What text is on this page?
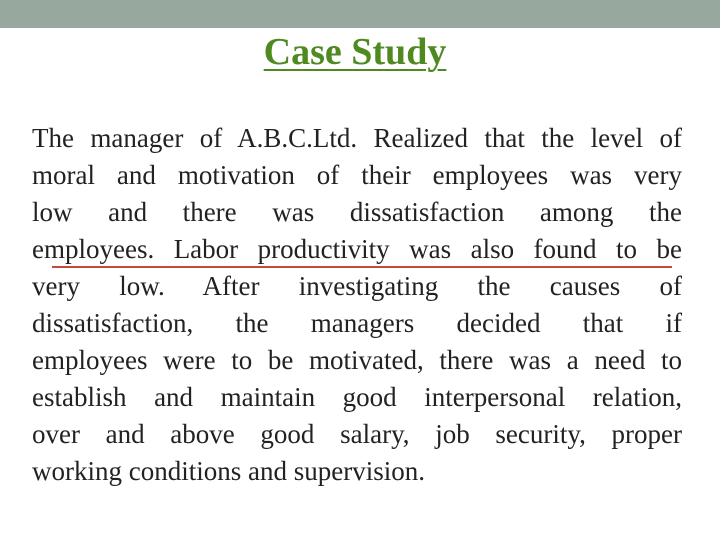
Case Study
The manager of A.B.C.Ltd. Realized that the level of
moral and motivation of their employees was very
low and there was dissatisfaction among the
employees. Labor productivity was also found to be
very low. After investigating the causes of
dissatisfaction, the managers decided that if
employees were to be motivated, there was a need to
establish and maintain good interpersonal relation,
over and above good salary, job security, proper
working conditions and supervision.
